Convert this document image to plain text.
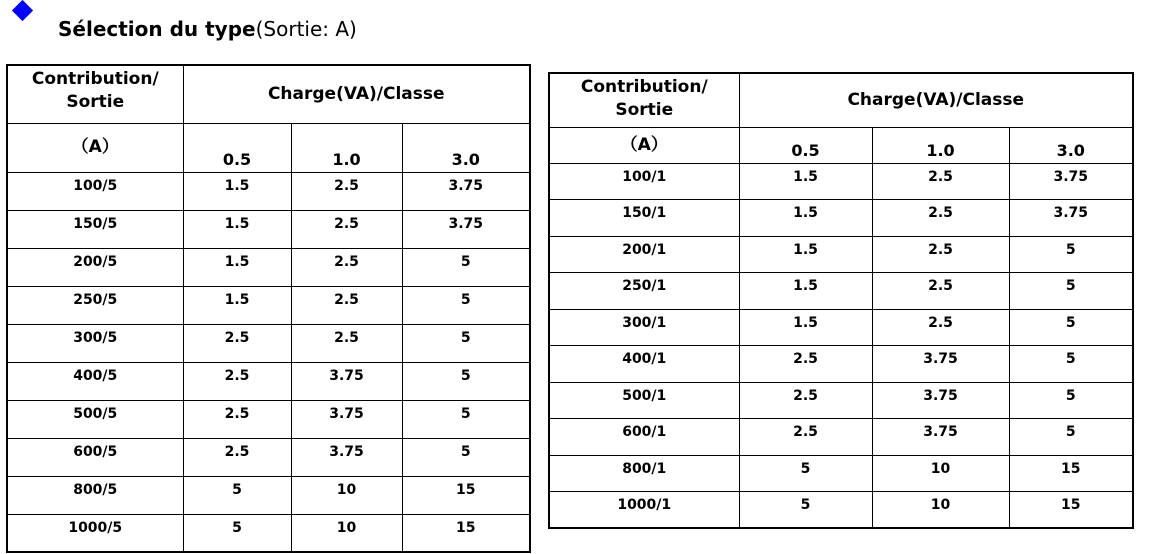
Sélection du type(Sortie: A)
Contribution/
Sortie	Charge(VA)/Classe		
（A）	0.5	1.0	3.0
100/5	1.5	2.5	3.75
150/5	1.5	2.5	3.75
200/5	1.5	2.5	5
250/5	1.5	2.5	5
300/5	2.5	2.5	5
400/5	2.5	3.75	5
500/5	2.5	3.75	5
600/5	2.5	3.75	5
800/5	5	10	15
1000/5	5	10	15
Contribution/
Sortie	Charge(VA)/Classe		
（A）	0.5	1.0	3.0
100/1	1.5	2.5	3.75
150/1	1.5	2.5	3.75
200/1	1.5	2.5	5
250/1	1.5	2.5	5
300/1	1.5	2.5	5
400/1	2.5	3.75	5
500/1	2.5	3.75	5
600/1	2.5	3.75	5
800/1	5	10	15
1000/1	5	10	15
